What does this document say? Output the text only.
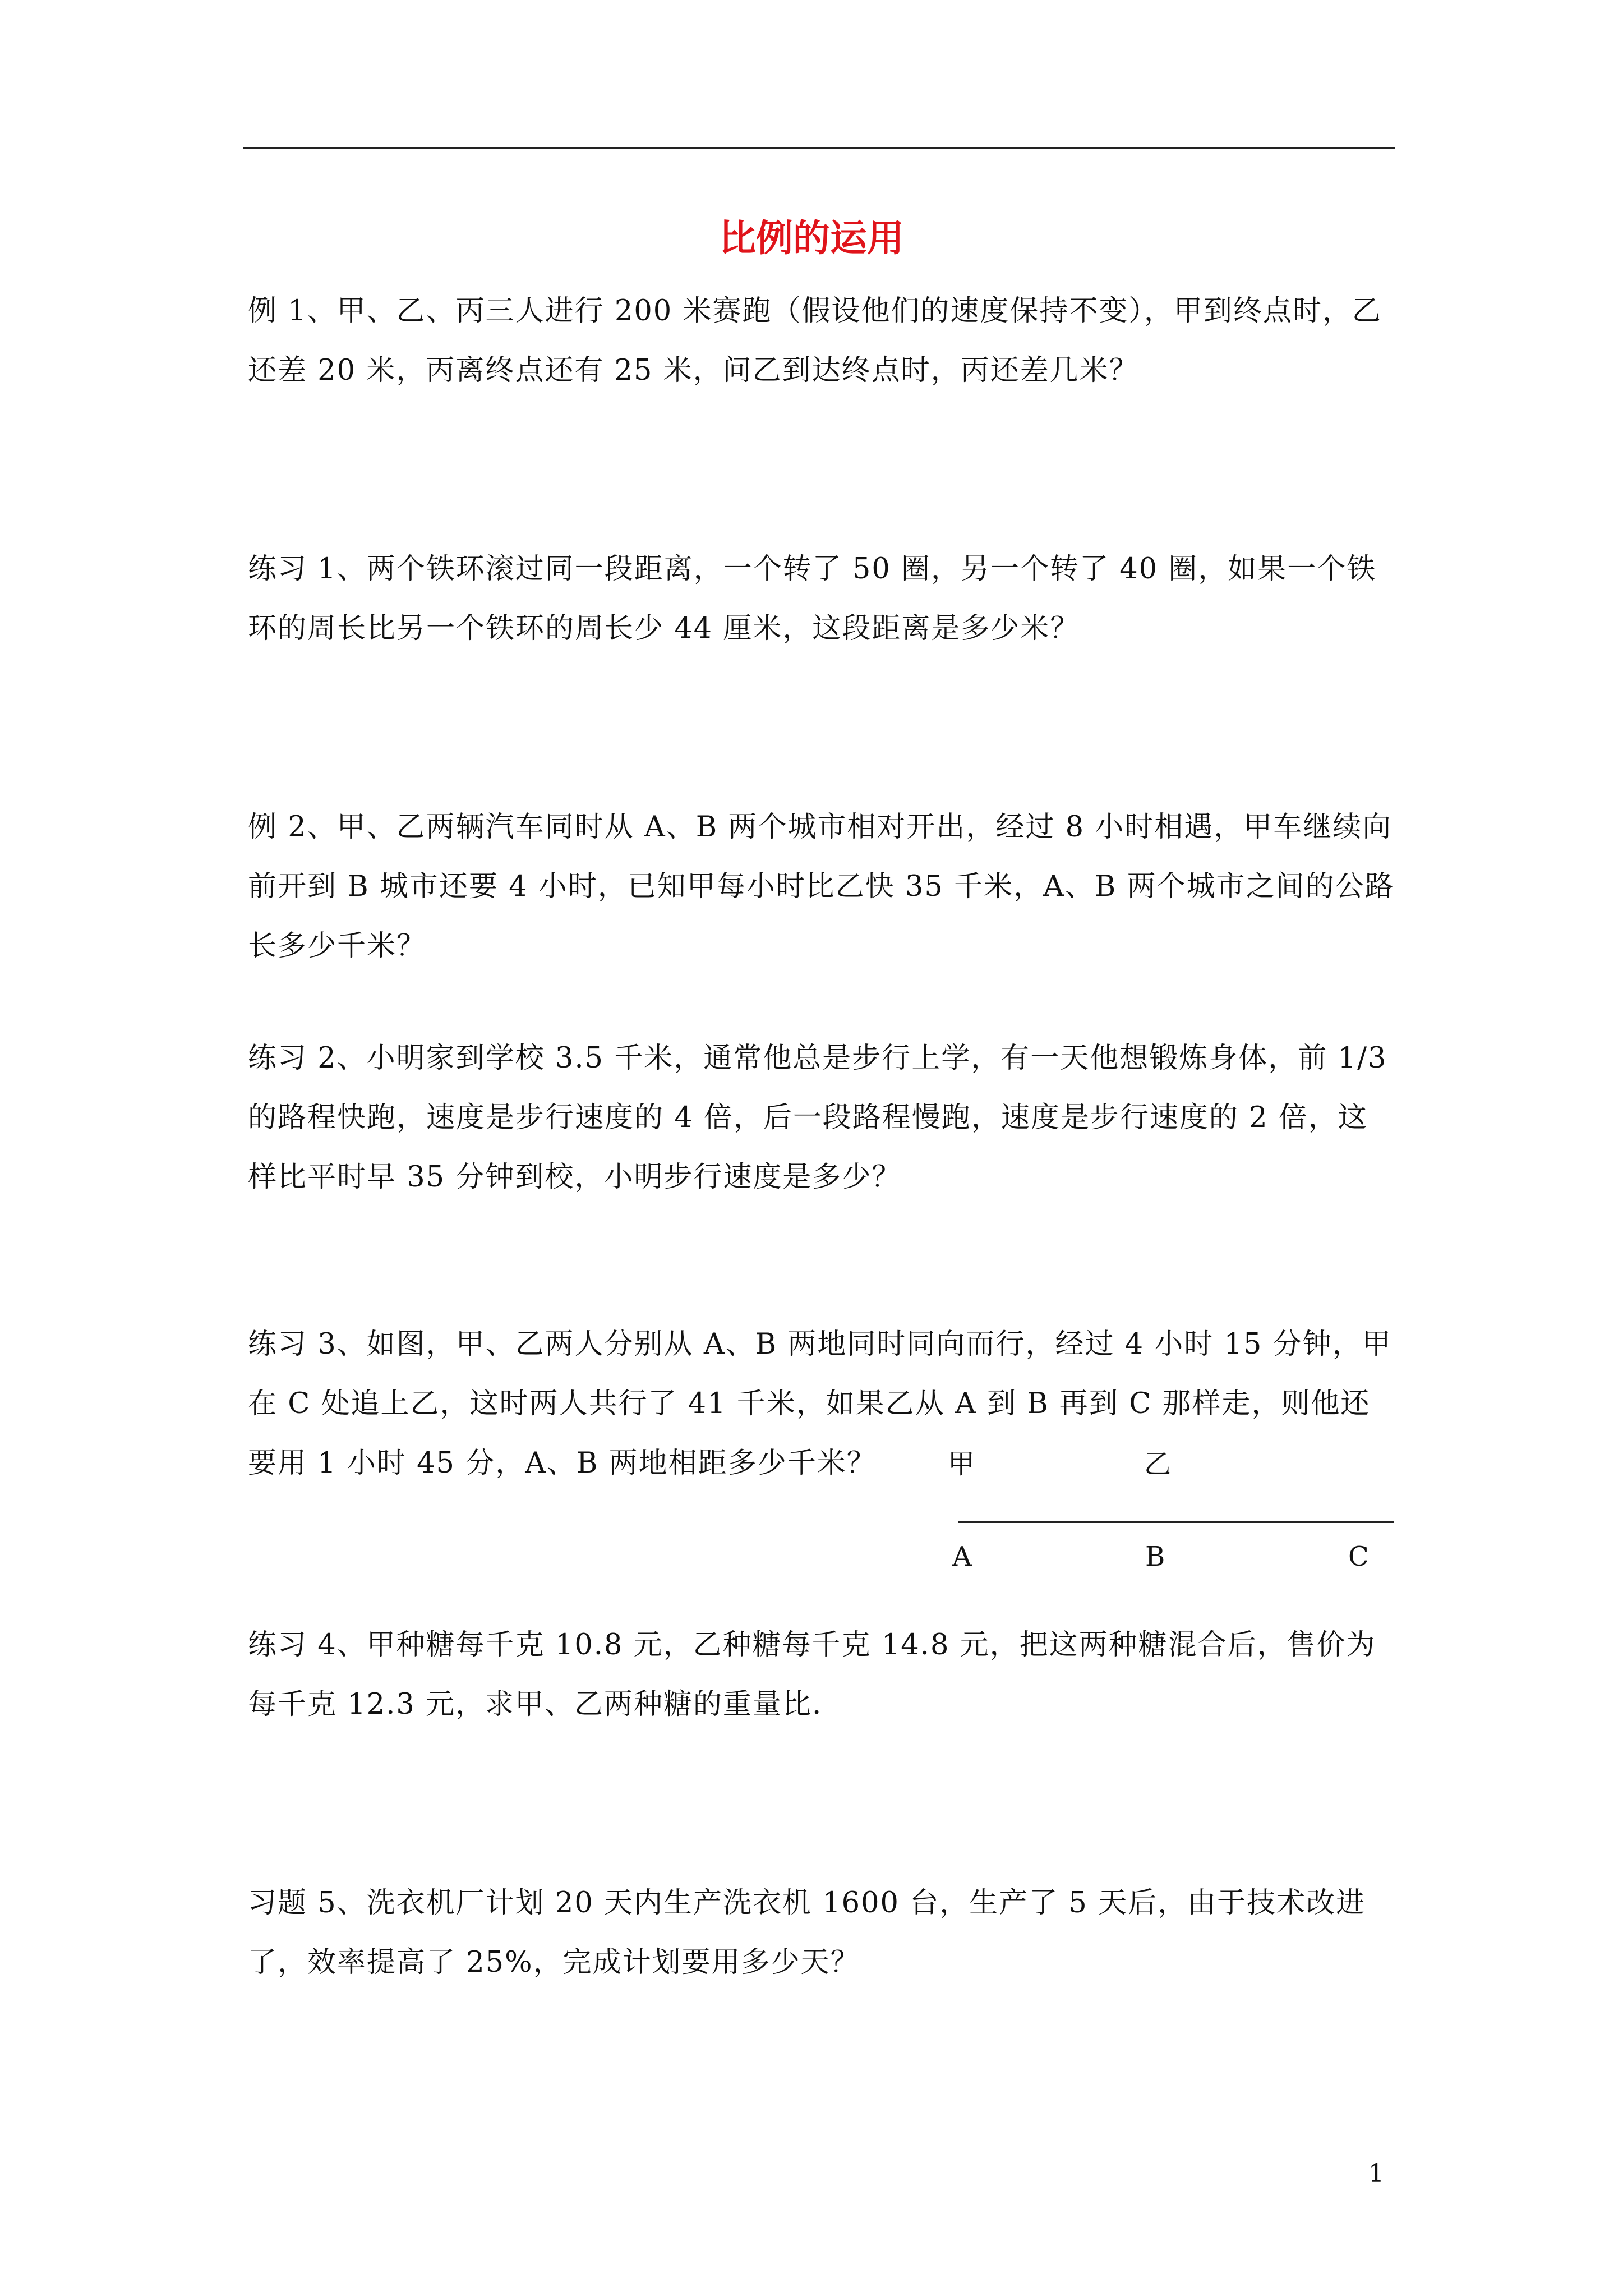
比例的运用

例 1、甲、乙、丙三人进行 200 米赛跑（假设他们的速度保持不变），甲到终点时，乙还差 20 米，丙离终点还有 25 米，问乙到达终点时，丙还差几米？

练习 1、两个铁环滚过同一段距离，一个转了 50 圈，另一个转了 40 圈，如果一个铁环的周长比另一个铁环的周长少 44 厘米，这段距离是多少米？

例 2、甲、乙两辆汽车同时从 A、B 两个城市相对开出，经过 8 小时相遇，甲车继续向前开到 B 城市还要 4 小时，已知甲每小时比乙快 35 千米，A、B 两个城市之间的公路长多少千米？

练习 2、小明家到学校 3.5 千米，通常他总是步行上学，有一天他想锻炼身体，前 1/3 的路程快跑，速度是步行速度的 4 倍，后一段路程慢跑，速度是步行速度的 2 倍，这样比平时早 35 分钟到校，小明步行速度是多少？

练习 3、如图，甲、乙两人分别从 A、B 两地同时同向而行，经过 4 小时 15 分钟，甲在 C 处追上乙，这时两人共行了 41 千米，如果乙从 A 到 B 再到 C 那样走，则他还要用 1 小时 45 分，A、B 两地相距多少千米？	甲	乙
A	B	C

练习 4、甲种糖每千克 10.8 元，乙种糖每千克 14.8 元，把这两种糖混合后，售价为每千克 12.3 元，求甲、乙两种糖的重量比.

习题 5、洗衣机厂计划 20 天内生产洗衣机 1600 台，生产了 5 天后，由于技术改进了，效率提高了 25%，完成计划要用多少天？

1
